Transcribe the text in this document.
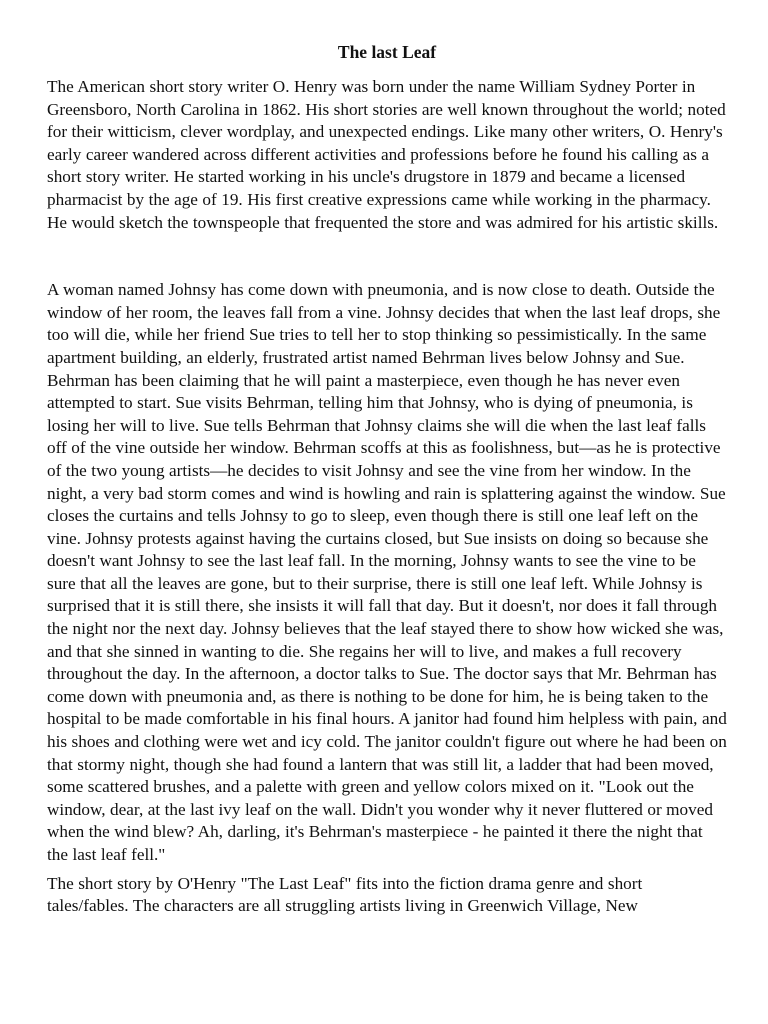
The last Leaf

The American short story writer O. Henry was born under the name William Sydney Porter in Greensboro, North Carolina in 1862. His short stories are well known throughout the world; noted for their witticism, clever wordplay, and unexpected endings. Like many other writers, O. Henry's early career wandered across different activities and professions before he found his calling as a short story writer. He started working in his uncle's drugstore in 1879 and became a licensed pharmacist by the age of 19. His first creative expressions came while working in the pharmacy. He would sketch the townspeople that frequented the store and was admired for his artistic skills.

A woman named Johnsy has come down with pneumonia, and is now close to death. Outside the window of her room, the leaves fall from a vine. Johnsy decides that when the last leaf drops, she too will die, while her friend Sue tries to tell her to stop thinking so pessimistically. In the same apartment building, an elderly, frustrated artist named Behrman lives below Johnsy and Sue. Behrman has been claiming that he will paint a masterpiece, even though he has never even attempted to start. Sue visits Behrman, telling him that Johnsy, who is dying of pneumonia, is losing her will to live. Sue tells Behrman that Johnsy claims she will die when the last leaf falls off of the vine outside her window. Behrman scoffs at this as foolishness, but—as he is protective of the two young artists—he decides to visit Johnsy and see the vine from her window. In the night, a very bad storm comes and wind is howling and rain is splattering against the window. Sue closes the curtains and tells Johnsy to go to sleep, even though there is still one leaf left on the vine. Johnsy protests against having the curtains closed, but Sue insists on doing so because she doesn't want Johnsy to see the last leaf fall. In the morning, Johnsy wants to see the vine to be sure that all the leaves are gone, but to their surprise, there is still one leaf left. While Johnsy is surprised that it is still there, she insists it will fall that day. But it doesn't, nor does it fall through the night nor the next day. Johnsy believes that the leaf stayed there to show how wicked she was, and that she sinned in wanting to die. She regains her will to live, and makes a full recovery throughout the day. In the afternoon, a doctor talks to Sue. The doctor says that Mr. Behrman has come down with pneumonia and, as there is nothing to be done for him, he is being taken to the hospital to be made comfortable in his final hours. A janitor had found him helpless with pain, and his shoes and clothing were wet and icy cold. The janitor couldn't figure out where he had been on that stormy night, though she had found a lantern that was still lit, a ladder that had been moved, some scattered brushes, and a palette with green and yellow colors mixed on it. "Look out the window, dear, at the last ivy leaf on the wall. Didn't you wonder why it never fluttered or moved when the wind blew? Ah, darling, it's Behrman's masterpiece - he painted it there the night that the last leaf fell."

The short story by O'Henry "The Last Leaf" fits into the fiction drama genre and short tales/fables. The characters are all struggling artists living in Greenwich Village, New
